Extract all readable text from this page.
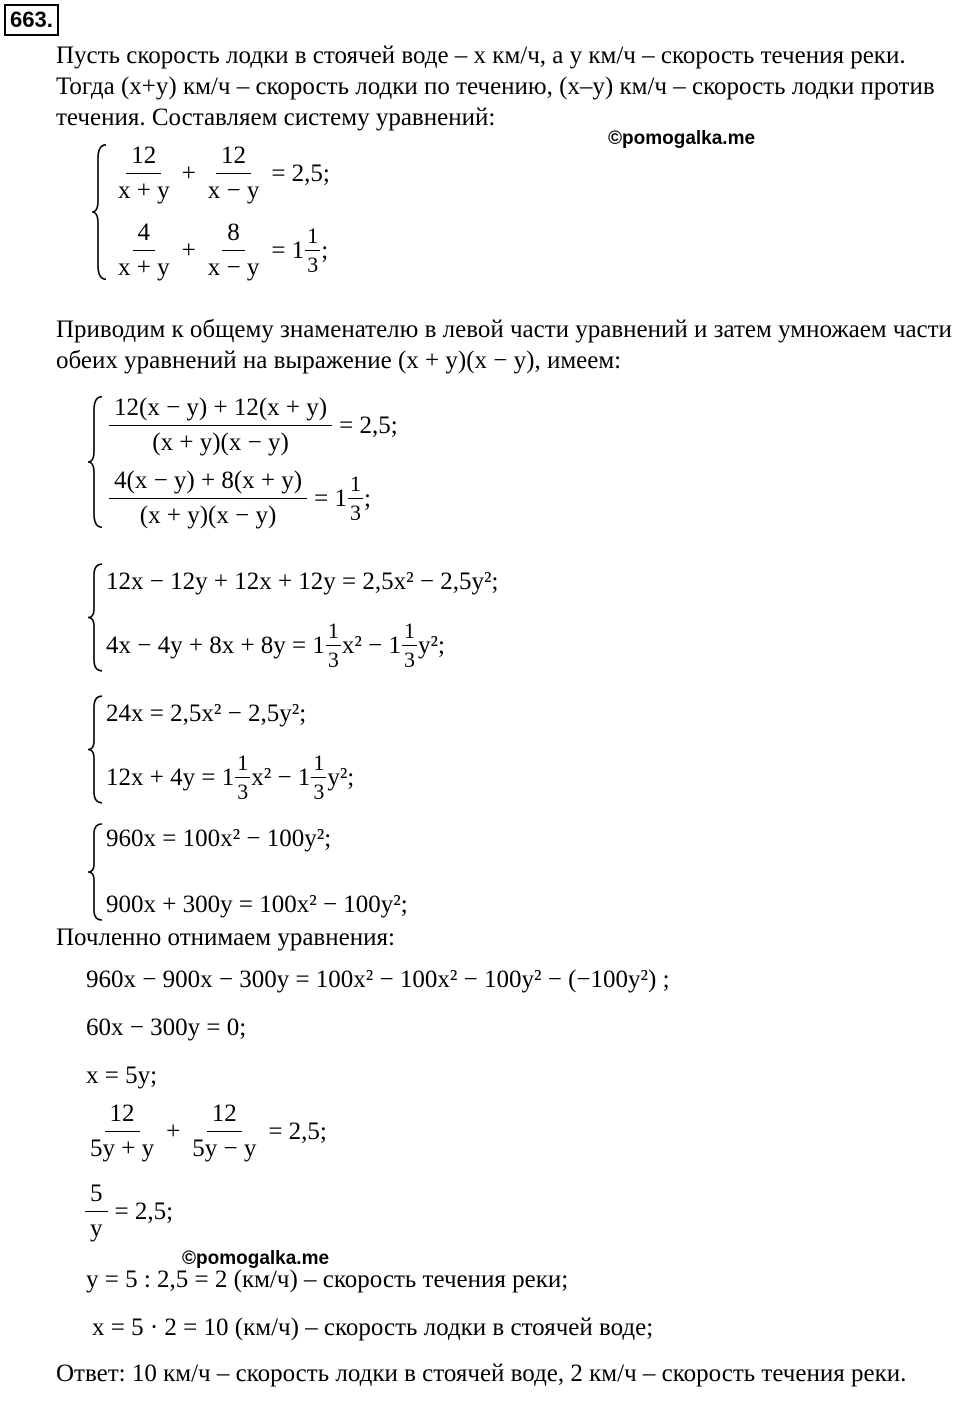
663.
Пусть скорость лодки в стоячей воде – x км/ч, а y км/ч – скорость течения реки. Тогда (x+y) км/ч – скорость лодки по течению, (x–y) км/ч – скорость лодки против течения. Составляем систему уравнений:
©pomogalka.me
$\frac{12}{x + y} + \frac{12}{x - y} = 2,5$;
$\frac{4}{x + y} + \frac{8}{x - y} = 1$
1
3
;
Приводим к общему знаменателю в левой части уравнений и затем умножаем части обеих уравнений на выражение (x + y)(x − y), имеем:
$\frac{12(x - y) + 12(x + y)}{(x + y)(x - y)} = 2,5$;
$\frac{4(x - y) + 8(x + y)}{(x + y)(x - y)} = 1$
1
3
;
12x − 12y + 12x + 12y = 2,5x² − 2,5y²;
4x − 4y + 8x + 8y = 1
1
3
x² − 1
1
3
y²;
24x = 2,5x² − 2,5y²;
12x + 4y = 1
1
3
x² − 1
1
3
y²;
960x = 100x² − 100y²;
900x + 300y = 100x² − 100y²;
Почленно отнимаем уравнения:
960x − 900x − 300y = 100x² − 100x² − 100y² − (−100y²) ;
60x − 300y = 0;
x = 5y;
$\frac{12}{5y + y} + \frac{12}{5y - y} = 2,5$;
$\frac{5}{y} = 2,5$;
©pomogalka.me
y = 5 : 2,5 = 2 (км/ч) – скорость течения реки;
x = 5 · 2 = 10 (км/ч) – скорость лодки в стоячей воде;
Ответ: 10 км/ч – скорость лодки в стоячей воде, 2 км/ч – скорость течения реки.
